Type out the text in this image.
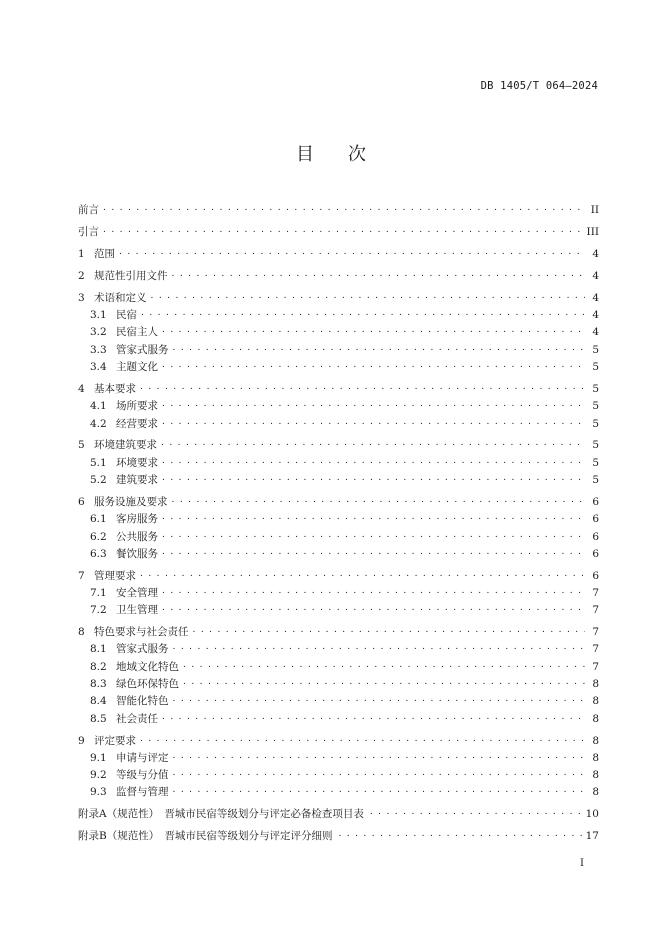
DB 1405/T 064—2024
目次
前言 . . .	II
引言 . . .	III
1 范围 . . .	4
2 规范性引用文件 . . .	4
3 术语和定义 . . .	4
3.1 民宿 . . .	4
3.2 民宿主人 . . .	4
3.3 管家式服务 . . .	5
3.4 主题文化 . . .	5
4 基本要求 . . .	5
4.1 场所要求 . . .	5
4.2 经营要求 . . .	5
5 环境建筑要求 . . .	5
5.1 环境要求 . . .	5
5.2 建筑要求 . . .	5
6 服务设施及要求 . . .	6
6.1 客房服务 . . .	6
6.2 公共服务 . . .	6
6.3 餐饮服务 . . .	6
7 管理要求 . . .	6
7.1 安全管理 . . .	7
7.2 卫生管理 . . .	7
8 特色要求与社会责任 . . .	7
8.1 管家式服务 . . .	7
8.2 地域文化特色 . . .	7
8.3 绿色环保特色 . . .	8
8.4 智能化特色 . . .	8
8.5 社会责任 . . .	8
9 评定要求 . . .	8
9.1 申请与评定 . . .	8
9.2 等级与分值 . . .	8
9.3 监督与管理 . . .	8
附录A（规范性）　晋城市民宿等级划分与评定必备检查项目表 . . .	10
附录B（规范性）　晋城市民宿等级划分与评定评分细则 . . .	17
I
